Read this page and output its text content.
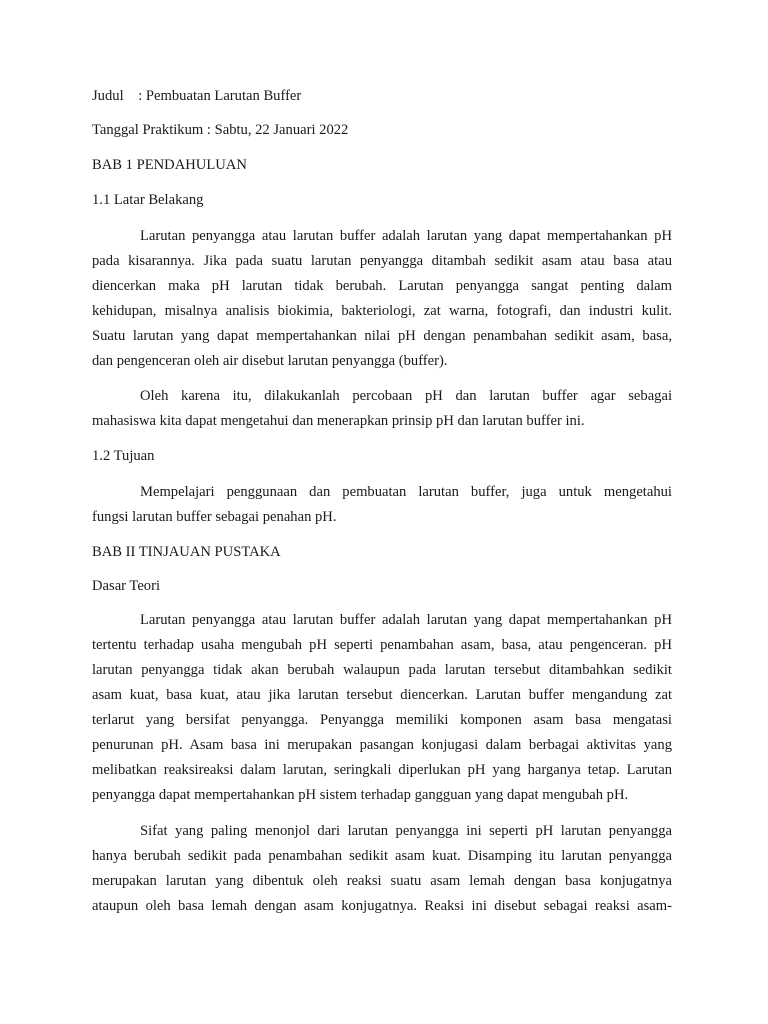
Judul    : Pembuatan Larutan Buffer
Tanggal Praktikum : Sabtu, 22 Januari 2022
BAB 1 PENDAHULUAN
1.1 Latar Belakang
Larutan penyangga atau larutan buffer adalah larutan yang dapat mempertahankan pH
pada kisarannya. Jika pada suatu larutan penyangga ditambah sedikit asam atau basa atau
diencerkan maka pH larutan tidak berubah. Larutan penyangga sangat penting dalam
kehidupan, misalnya analisis biokimia, bakteriologi, zat warna, fotografi, dan industri kulit.
Suatu larutan yang dapat mempertahankan nilai pH dengan penambahan sedikit asam, basa,
dan pengenceran oleh air disebut larutan penyangga (buffer).
Oleh karena itu, dilakukanlah percobaan pH dan larutan buffer agar sebagai
mahasiswa kita dapat mengetahui dan menerapkan prinsip pH dan larutan buffer ini.
1.2 Tujuan
Mempelajari penggunaan dan pembuatan larutan buffer, juga untuk mengetahui
fungsi larutan buffer sebagai penahan pH.
BAB II TINJAUAN PUSTAKA
Dasar Teori
Larutan penyangga atau larutan buffer adalah larutan yang dapat mempertahankan pH
tertentu terhadap usaha mengubah pH seperti penambahan asam, basa, atau pengenceran. pH
larutan penyangga tidak akan berubah walaupun pada larutan tersebut ditambahkan sedikit
asam kuat, basa kuat, atau jika larutan tersebut diencerkan. Larutan buffer mengandung zat
terlarut yang bersifat penyangga. Penyangga memiliki komponen asam basa mengatasi
penurunan pH. Asam basa ini merupakan pasangan konjugasi dalam berbagai aktivitas yang
melibatkan reaksireaksi dalam larutan, seringkali diperlukan pH yang harganya tetap. Larutan
penyangga dapat mempertahankan pH sistem terhadap gangguan yang dapat mengubah pH.
Sifat yang paling menonjol dari larutan penyangga ini seperti pH larutan penyangga
hanya berubah sedikit pada penambahan sedikit asam kuat. Disamping itu larutan penyangga
merupakan larutan yang dibentuk oleh reaksi suatu asam lemah dengan basa konjugatnya
ataupun oleh basa lemah dengan asam konjugatnya. Reaksi ini disebut sebagai reaksi asam-
